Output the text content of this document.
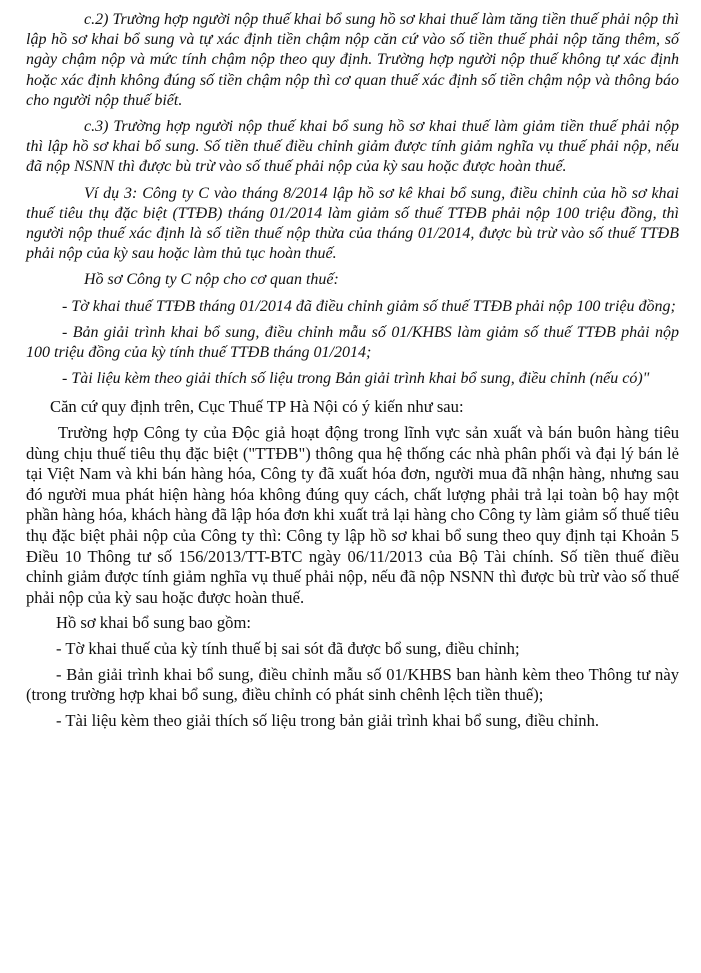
c.2) Trường hợp người nộp thuế khai bổ sung hồ sơ khai thuế làm tăng tiền thuế phải nộp thì lập hồ sơ khai bổ sung và tự xác định tiền chậm nộp căn cứ vào số tiền thuế phải nộp tăng thêm, số ngày chậm nộp và mức tính chậm nộp theo quy định. Trường hợp người nộp thuế không tự xác định hoặc xác định không đúng số tiền chậm nộp thì cơ quan thuế xác định số tiền chậm nộp và thông báo cho người nộp thuế biết.

c.3) Trường hợp người nộp thuế khai bổ sung hồ sơ khai thuế làm giảm tiền thuế phải nộp thì lập hồ sơ khai bổ sung. Số tiền thuế điều chỉnh giảm được tính giảm nghĩa vụ thuế phải nộp, nếu đã nộp NSNN thì được bù trừ vào số thuế phải nộp của kỳ sau hoặc được hoàn thuế.

Ví dụ 3: Công ty C vào tháng 8/2014 lập hồ sơ kê khai bổ sung, điều chỉnh của hồ sơ khai thuế tiêu thụ đặc biệt (TTĐB) tháng 01/2014 làm giảm số thuế TTĐB phải nộp 100 triệu đồng, thì người nộp thuế xác định là số tiền thuế nộp thừa của tháng 01/2014, được bù trừ vào số thuế TTĐB phải nộp của kỳ sau hoặc làm thủ tục hoàn thuế.

Hồ sơ Công ty C nộp cho cơ quan thuế:

- Tờ khai thuế TTĐB tháng 01/2014 đã điều chỉnh giảm số thuế TTĐB phải nộp 100 triệu đồng;

- Bản giải trình khai bổ sung, điều chỉnh mẫu số 01/KHBS làm giảm số thuế TTĐB phải nộp 100 triệu đồng của kỳ tính thuế TTĐB tháng 01/2014;

- Tài liệu kèm theo giải thích số liệu trong Bản giải trình khai bổ sung, điều chỉnh (nếu có)"

Căn cứ quy định trên, Cục Thuế TP Hà Nội có ý kiến như sau:

Trường hợp Công ty của Độc giả hoạt động trong lĩnh vực sản xuất và bán buôn hàng tiêu dùng chịu thuế tiêu thụ đặc biệt ("TTĐB") thông qua hệ thống các nhà phân phối và đại lý bán lẻ tại Việt Nam và khi bán hàng hóa, Công ty đã xuất hóa đơn, người mua đã nhận hàng, nhưng sau đó người mua phát hiện hàng hóa không đúng quy cách, chất lượng phải trả lại toàn bộ hay một phần hàng hóa, khách hàng đã lập hóa đơn khi xuất trả lại hàng cho Công ty làm giảm số thuế tiêu thụ đặc biệt phải nộp của Công ty thì: Công ty lập hồ sơ khai bổ sung theo quy định tại Khoản 5 Điều 10 Thông tư số 156/2013/TT-BTC ngày 06/11/2013 của Bộ Tài chính. Số tiền thuế điều chỉnh giảm được tính giảm nghĩa vụ thuế phải nộp, nếu đã nộp NSNN thì được bù trừ vào số thuế phải nộp của kỳ sau hoặc được hoàn thuế.

Hồ sơ khai bổ sung bao gồm:

- Tờ khai thuế của kỳ tính thuế bị sai sót đã được bổ sung, điều chỉnh;

- Bản giải trình khai bổ sung, điều chỉnh mẫu số 01/KHBS ban hành kèm theo Thông tư này (trong trường hợp khai bổ sung, điều chỉnh có phát sinh chênh lệch tiền thuế);

- Tài liệu kèm theo giải thích số liệu trong bản giải trình khai bổ sung, điều chỉnh.
